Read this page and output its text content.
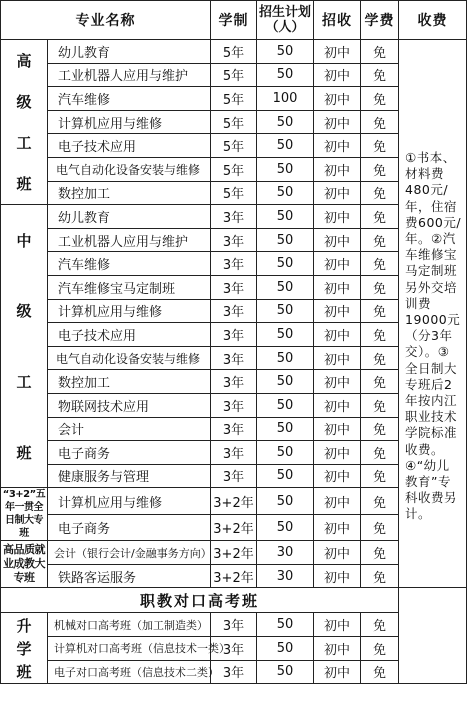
专业名称		学制	招生计划（人）	招收	学费	收费

高
级
工
班	幼儿教育	5年	50	初中	免	①书本、材料费480元/年，住宿费600元/年。②汽车维修宝马定制班另外交培训费19000元（分3年交）。③全日制大专班后2年按内江职业技术学院标准收费。④“幼儿教育”专科收费另计。
	工业机器人应用与维护	5年	50	初中	免	
	汽车维修	5年	100	初中	免	
	计算机应用与维修	5年	50	初中	免	
	电子技术应用	5年	50	初中	免	
	电气自动化设备安装与维修	5年	50	初中	免	
	数控加工	5年	50	初中	免	

中
级
工
班	幼儿教育	3年	50	初中	免	
	工业机器人应用与维护	3年	50	初中	免	
	汽车维修	3年	50	初中	免	
	汽车维修宝马定制班	3年	50	初中	免	
	计算机应用与维修	3年	50	初中	免	
	电子技术应用	3年	50	初中	免	
	电气自动化设备安装与维修	3年	50	初中	免	
	数控加工	3年	50	初中	免	
	物联网技术应用	3年	50	初中	免	
	会计	3年	50	初中	免	
	电子商务	3年	50	初中	免	
	健康服务与管理	3年	50	初中	免	
“3+2”五年一贯全日制大专班	计算机应用与维修	3+2年	50	初中	免	
	电子商务	3+2年	50	初中	免	
高品质就业成教大专班	会计（银行会计/金融事务方向）	3+2年	30	初中	免	
	铁路客运服务	3+2年	30	初中	免	
职教对口高考班						

升
学
班	机械对口高考班（加工制造类）	3年	50	初中	免	
	计算机对口高考班（信息技术一类）	3年	50	初中	免	
	电子对口高考班（信息技术二类）	3年	50	初中	免	
